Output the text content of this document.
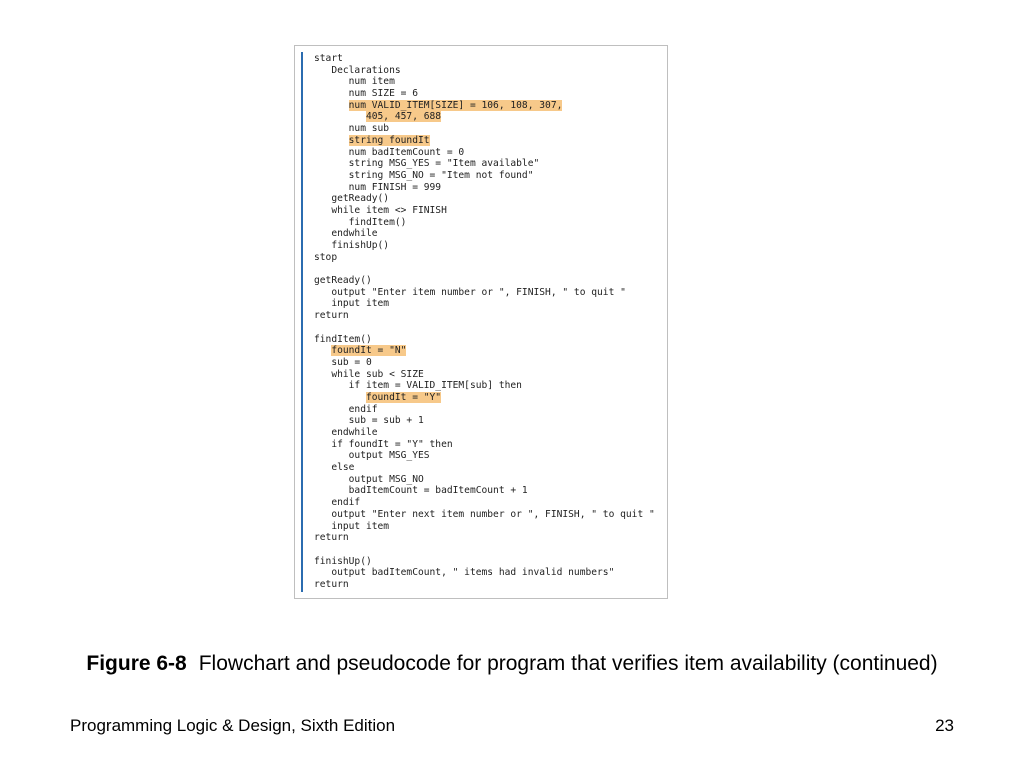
start
Declarations
num item
num SIZE = 6
num VALID_ITEM[SIZE] = 106, 108, 307,
405, 457, 688
num sub
string foundIt
num badItemCount = 0
string MSG_YES = "Item available"
string MSG_NO = "Item not found"
num FINISH = 999
getReady()
while item <> FINISH
findItem()
endwhile
finishUp()
stop
getReady()
output "Enter item number or ", FINISH, " to quit "
input item
return
findItem()
foundIt = "N"
sub = 0
while sub < SIZE
if item = VALID_ITEM[sub] then
foundIt = "Y"
endif
sub = sub + 1
endwhile
if foundIt = "Y" then
output MSG_YES
else
output MSG_NO
badItemCount = badItemCount + 1
endif
output "Enter next item number or ", FINISH, " to quit "
input item
return
finishUp()
output badItemCount, " items had invalid numbers"
return
Figure 6-8 Flowchart and pseudocode for program that verifies item availability (continued)
Programming Logic & Design, Sixth Edition	23
